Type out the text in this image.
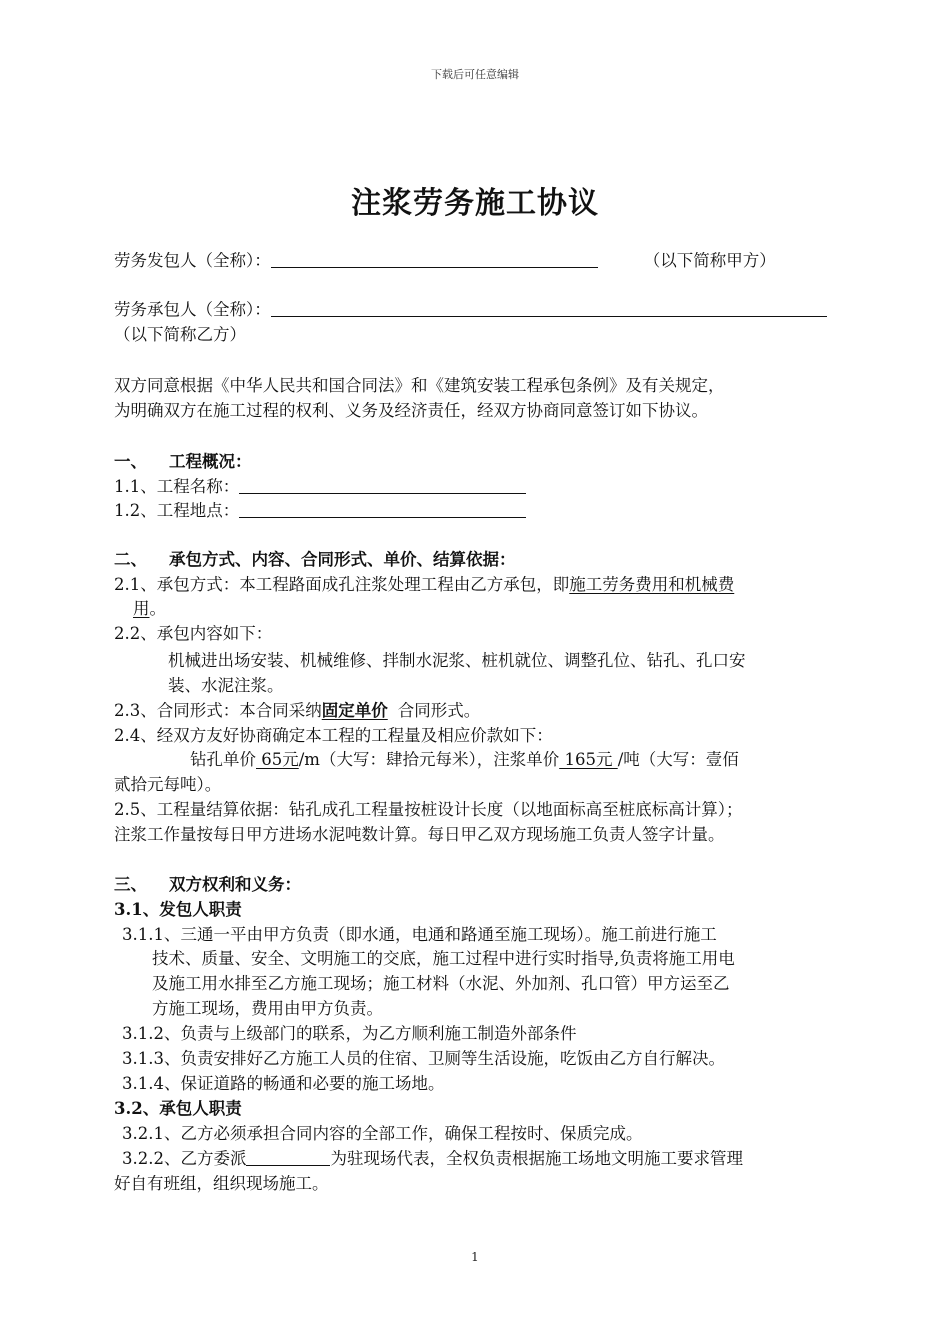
下载后可任意编辑
注浆劳务施工协议
劳务发包人（全称）：	（以下简称甲方）
劳务承包人（全称）：
（以下简称乙方）
双方同意根据《中华人民共和国合同法》和《建筑安装工程承包条例》及有关规定，
为明确双方在施工过程的权利、义务及经济责任，经双方协商同意签订如下协议。
一、 工程概况：
1.1、工程名称：
1.2、工程地点：
二、 承包方式、内容、合同形式、单价、结算依据：
2.1、承包方式：本工程路面成孔注浆处理工程由乙方承包，即施工劳务费用和机械费
用。
2.2、承包内容如下：
机械进出场安装、机械维修、拌制水泥浆、桩机就位、调整孔位、钻孔、孔口安
装、水泥注浆。
2.3、合同形式：本合同采纳固定单价 合同形式。
2.4、经双方友好协商确定本工程的工程量及相应价款如下：
钻孔单价 65元/m（大写：肆拾元每米），注浆单价 165元 /吨（大写：壹佰
贰拾元每吨）。
2.5、工程量结算依据：钻孔成孔工程量按桩设计长度（以地面标高至桩底标高计算）；
注浆工作量按每日甲方进场水泥吨数计算。每日甲乙双方现场施工负责人签字计量。
三、 双方权利和义务：
3.1、发包人职责
3.1.1、三通一平由甲方负责（即水通，电通和路通至施工现场）。施工前进行施工
技术、质量、安全、文明施工的交底，施工过程中进行实时指导,负责将施工用电
及施工用水排至乙方施工现场；施工材料（水泥、外加剂、孔口管）甲方运至乙
方施工现场，费用由甲方负责。
3.1.2、负责与上级部门的联系，为乙方顺利施工制造外部条件
3.1.3、负责安排好乙方施工人员的住宿、卫厕等生活设施，吃饭由乙方自行解决。
3.1.4、保证道路的畅通和必要的施工场地。
3.2、承包人职责
3.2.1、乙方必须承担合同内容的全部工作，确保工程按时、保质完成。
3.2.2、乙方委派	为驻现场代表，全权负责根据施工场地文明施工要求管理
好自有班组，组织现场施工。
1
